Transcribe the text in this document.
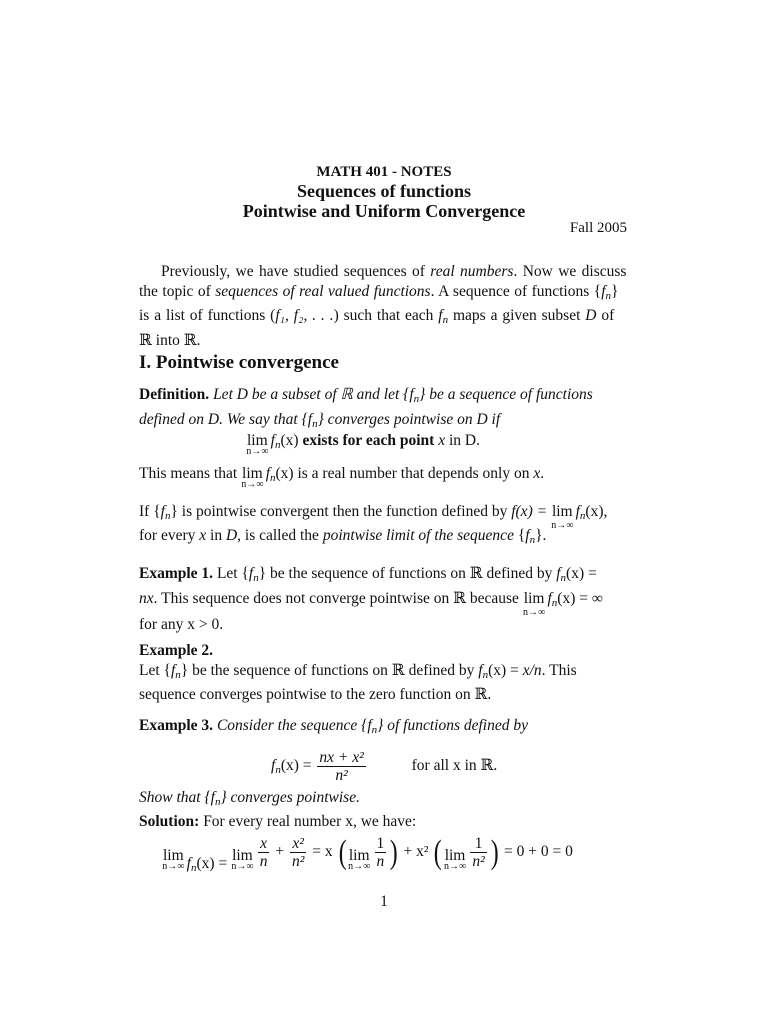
MATH 401 - NOTES
Sequences of functions
Pointwise and Uniform Convergence
Fall 2005
Previously, we have studied sequences of real numbers. Now we discuss
the topic of sequences of real valued functions. A sequence of functions {fn}
is a list of functions (f₁, f₂, . . .) such that each fn maps a given subset D of
ℝ into ℝ.
I. Pointwise convergence
Definition. Let D be a subset of ℝ and let {fn} be a sequence of functions
defined on D. We say that {fn} converges pointwise on D if
lim
n→∞
fn(x) exists for each point x in D.
This means that lim
n→∞
fn(x) is a real number that depends only on x.
If {fn} is pointwise convergent then the function defined by f(x) = lim
n→∞
fn(x),
for every x in D, is called the pointwise limit of the sequence {fn}.
Example 1. Let {fn} be the sequence of functions on ℝ defined by fn(x) =
nx. This sequence does not converge pointwise on ℝ because lim
n→∞
fn(x) = ∞
for any x > 0.
Example 2.
Let {fn} be the sequence of functions on ℝ defined by fn(x) = x/n. This
sequence converges pointwise to the zero function on ℝ.
Example 3. Consider the sequence {fn} of functions defined by
$fn(x) = \frac{\text{nx + x²}}{\text{n²}}$	for all x in ℝ.
Show that {fn} converges pointwise.
Solution: For every real number x, we have:
lim
n→∞ $f_n(x) = \lim$
$n\to\infty \frac{x}{n} + \frac{\text{x²}}{\text{n²}} = x$ ( lim
$n\to\infty \frac{1}{n}$ ) + x² ( lim
$n\to\infty \frac{1}{\text{n²}}$ ) = 0 + 0 = 0
1
